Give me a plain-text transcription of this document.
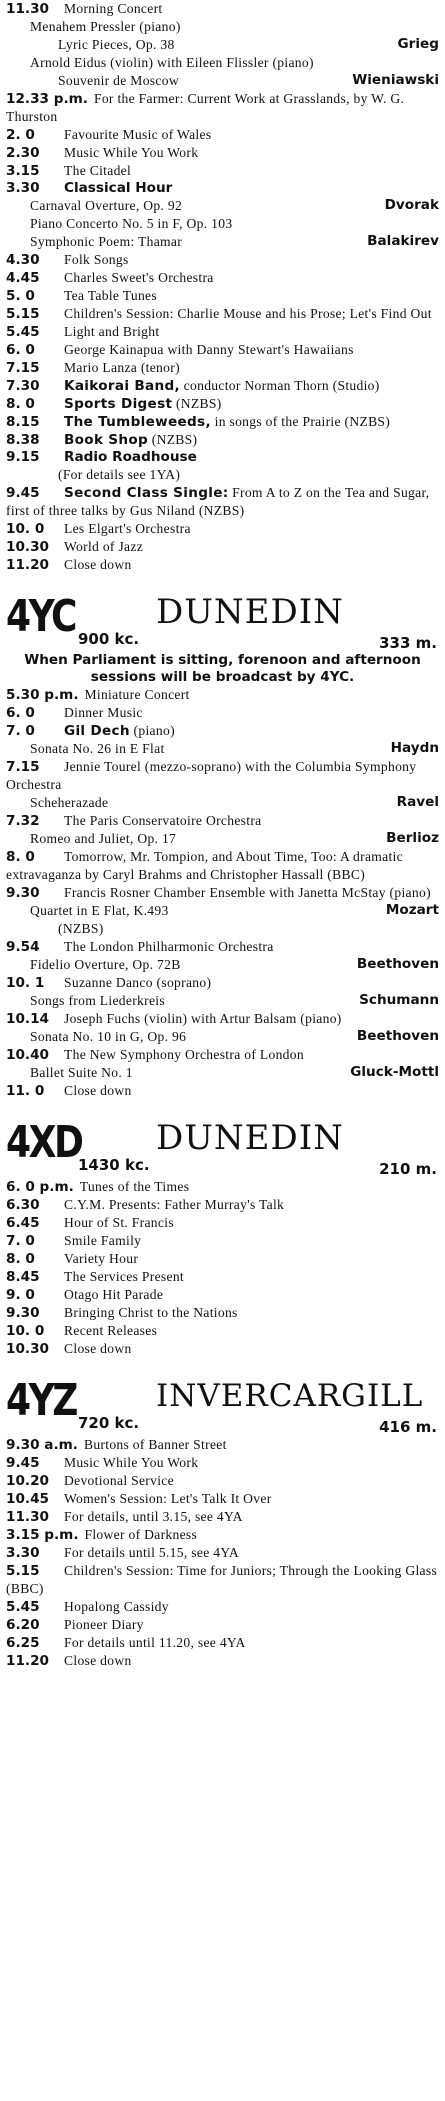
11.30 Morning Concert
Menahem Pressler (piano)
Lyric Pieces, Op. 38	Grieg
Arnold Eidus (violin) with Eileen Flissler (piano)
Souvenir de Moscow	Wieniawski
12.33 p.m. For the Farmer: Current Work at Grasslands, by W. G. Thurston
2. 0 Favourite Music of Wales
2.30 Music While You Work
3.15 The Citadel
3.30 Classical Hour
Carnaval Overture, Op. 92	Dvorak
Piano Concerto No. 5 in F, Op. 103
Symphonic Poem: Thamar	Balakirev
4.30 Folk Songs
4.45 Charles Sweet's Orchestra
5. 0 Tea Table Tunes
5.15 Children's Session: Charlie Mouse and his Prose; Let's Find Out
5.45 Light and Bright
6. 0 George Kainapua with Danny Stewart's Hawaiians
7.15 Mario Lanza (tenor)
7.30 Kaikorai Band, conductor Norman Thorn (Studio)
8. 0 Sports Digest (NZBS)
8.15 The Tumbleweeds, in songs of the Prairie (NZBS)
8.38 Book Shop (NZBS)
9.15 Radio Roadhouse
(For details see 1YA)
9.45 Second Class Single: From A to Z on the Tea and Sugar, first of three talks by Gus Niland (NZBS)
10. 0 Les Elgart's Orchestra
10.30 World of Jazz
11.20 Close down
4YC 900 kc.
DUNEDIN
333 m.
When Parliament is sitting, forenoon and afternoon sessions will be broadcast by 4YC.
5.30 p.m. Miniature Concert
6. 0 Dinner Music
7. 0 Gil Dech (piano)
Sonata No. 26 in E Flat	Haydn
7.15 Jennie Tourel (mezzo-soprano) with the Columbia Symphony Orchestra
Scheherazade	Ravel
7.32 The Paris Conservatoire Orchestra
Romeo and Juliet, Op. 17	Berlioz
8. 0 Tomorrow, Mr. Tompion, and About Time, Too: A dramatic extravaganza by Caryl Brahms and Christopher Hassall (BBC)
9.30 Francis Rosner Chamber Ensemble with Janetta McStay (piano)
Quartet in E Flat, K.493	Mozart
(NZBS)
9.54 The London Philharmonic Orchestra
Fidelio Overture, Op. 72B	Beethoven
10. 1 Suzanne Danco (soprano)
Songs from Liederkreis	Schumann
10.14 Joseph Fuchs (violin) with Artur Balsam (piano)
Sonata No. 10 in G, Op. 96	Beethoven
10.40 The New Symphony Orchestra of London
Ballet Suite No. 1	Gluck-Mottl
11. 0 Close down
4XD
1430 kc.
DUNEDIN
210 m.
6. 0 p.m. Tunes of the Times
6.30 C.Y.M. Presents: Father Murray's Talk
6.45 Hour of St. Francis
7. 0 Smile Family
8. 0 Variety Hour
8.45 The Services Present
9. 0 Otago Hit Parade
9.30 Bringing Christ to the Nations
10. 0 Recent Releases
10.30 Close down
4YZ 720 kc.
INVERCARGILL
416 m.
9.30 a.m. Burtons of Banner Street
9.45 Music While You Work
10.20 Devotional Service
10.45 Women's Session: Let's Talk It Over
11.30 For details, until 3.15, see 4YA
3.15 p.m. Flower of Darkness
3.30 For details until 5.15, see 4YA
5.15 Children's Session: Time for Juniors; Through the Looking Glass (BBC)
5.45 Hopalong Cassidy
6.20 Pioneer Diary
6.25 For details until 11.20, see 4YA
11.20 Close down
